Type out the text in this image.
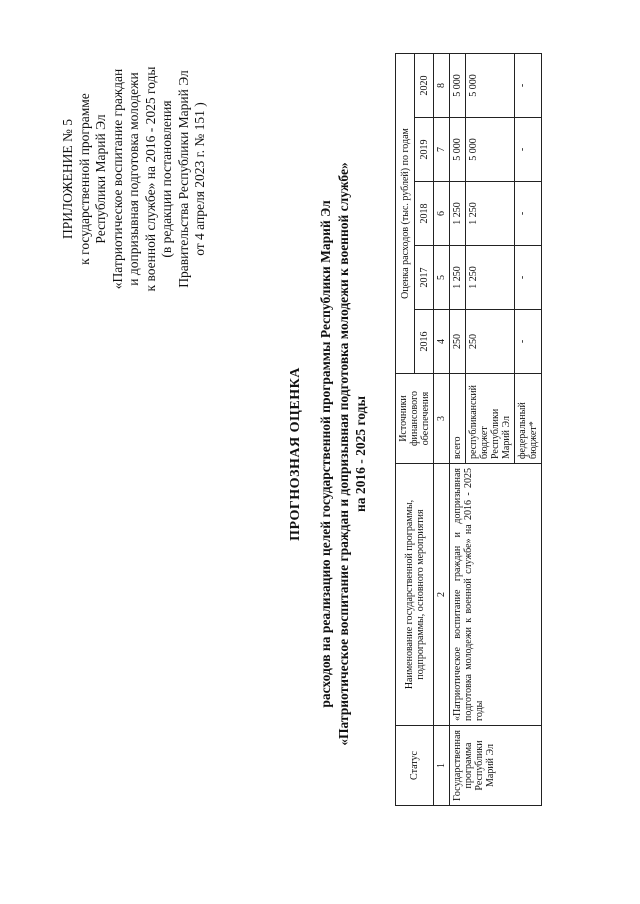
ПРИЛОЖЕНИЕ № 5 к государственной программе Республики Марий Эл «Патриотическое воспитание граждан и допризывная подготовка молодежи к военной службе» на 2016 - 2025 годы (в редакции постановления Правительства Республики Марий Эл от 4 апреля 2023 г. № 151 )
ПРОГНОЗНАЯ ОЦЕНКА расходов на реализацию целей государственной программы Республики Марий Эл «Патриотическое воспитание граждан и допризывная подготовка молодежи к военной службе» на 2016 - 2025 годы
Статус	Наименование государственной программы, подпрограммы, основного мероприятия	Источники финансового обеспечения	Оценка расходов (тыс. рублей) по годам				
			2016	2017	2018	2019	2020
1	2	3	4	5	6	7	8
Государственная программа Республики Марий Эл	«Патриотическое воспитание граждан и допризывная подготовка молодежи к военной службе» на 2016 - 2025 годы	всего	250	1 250	1 250	5 000	5 000
		республиканский бюджет Республики Марий Эл	250	1 250	1 250	5 000	5 000
		федеральный бюджет*	-	-	-	-	-
